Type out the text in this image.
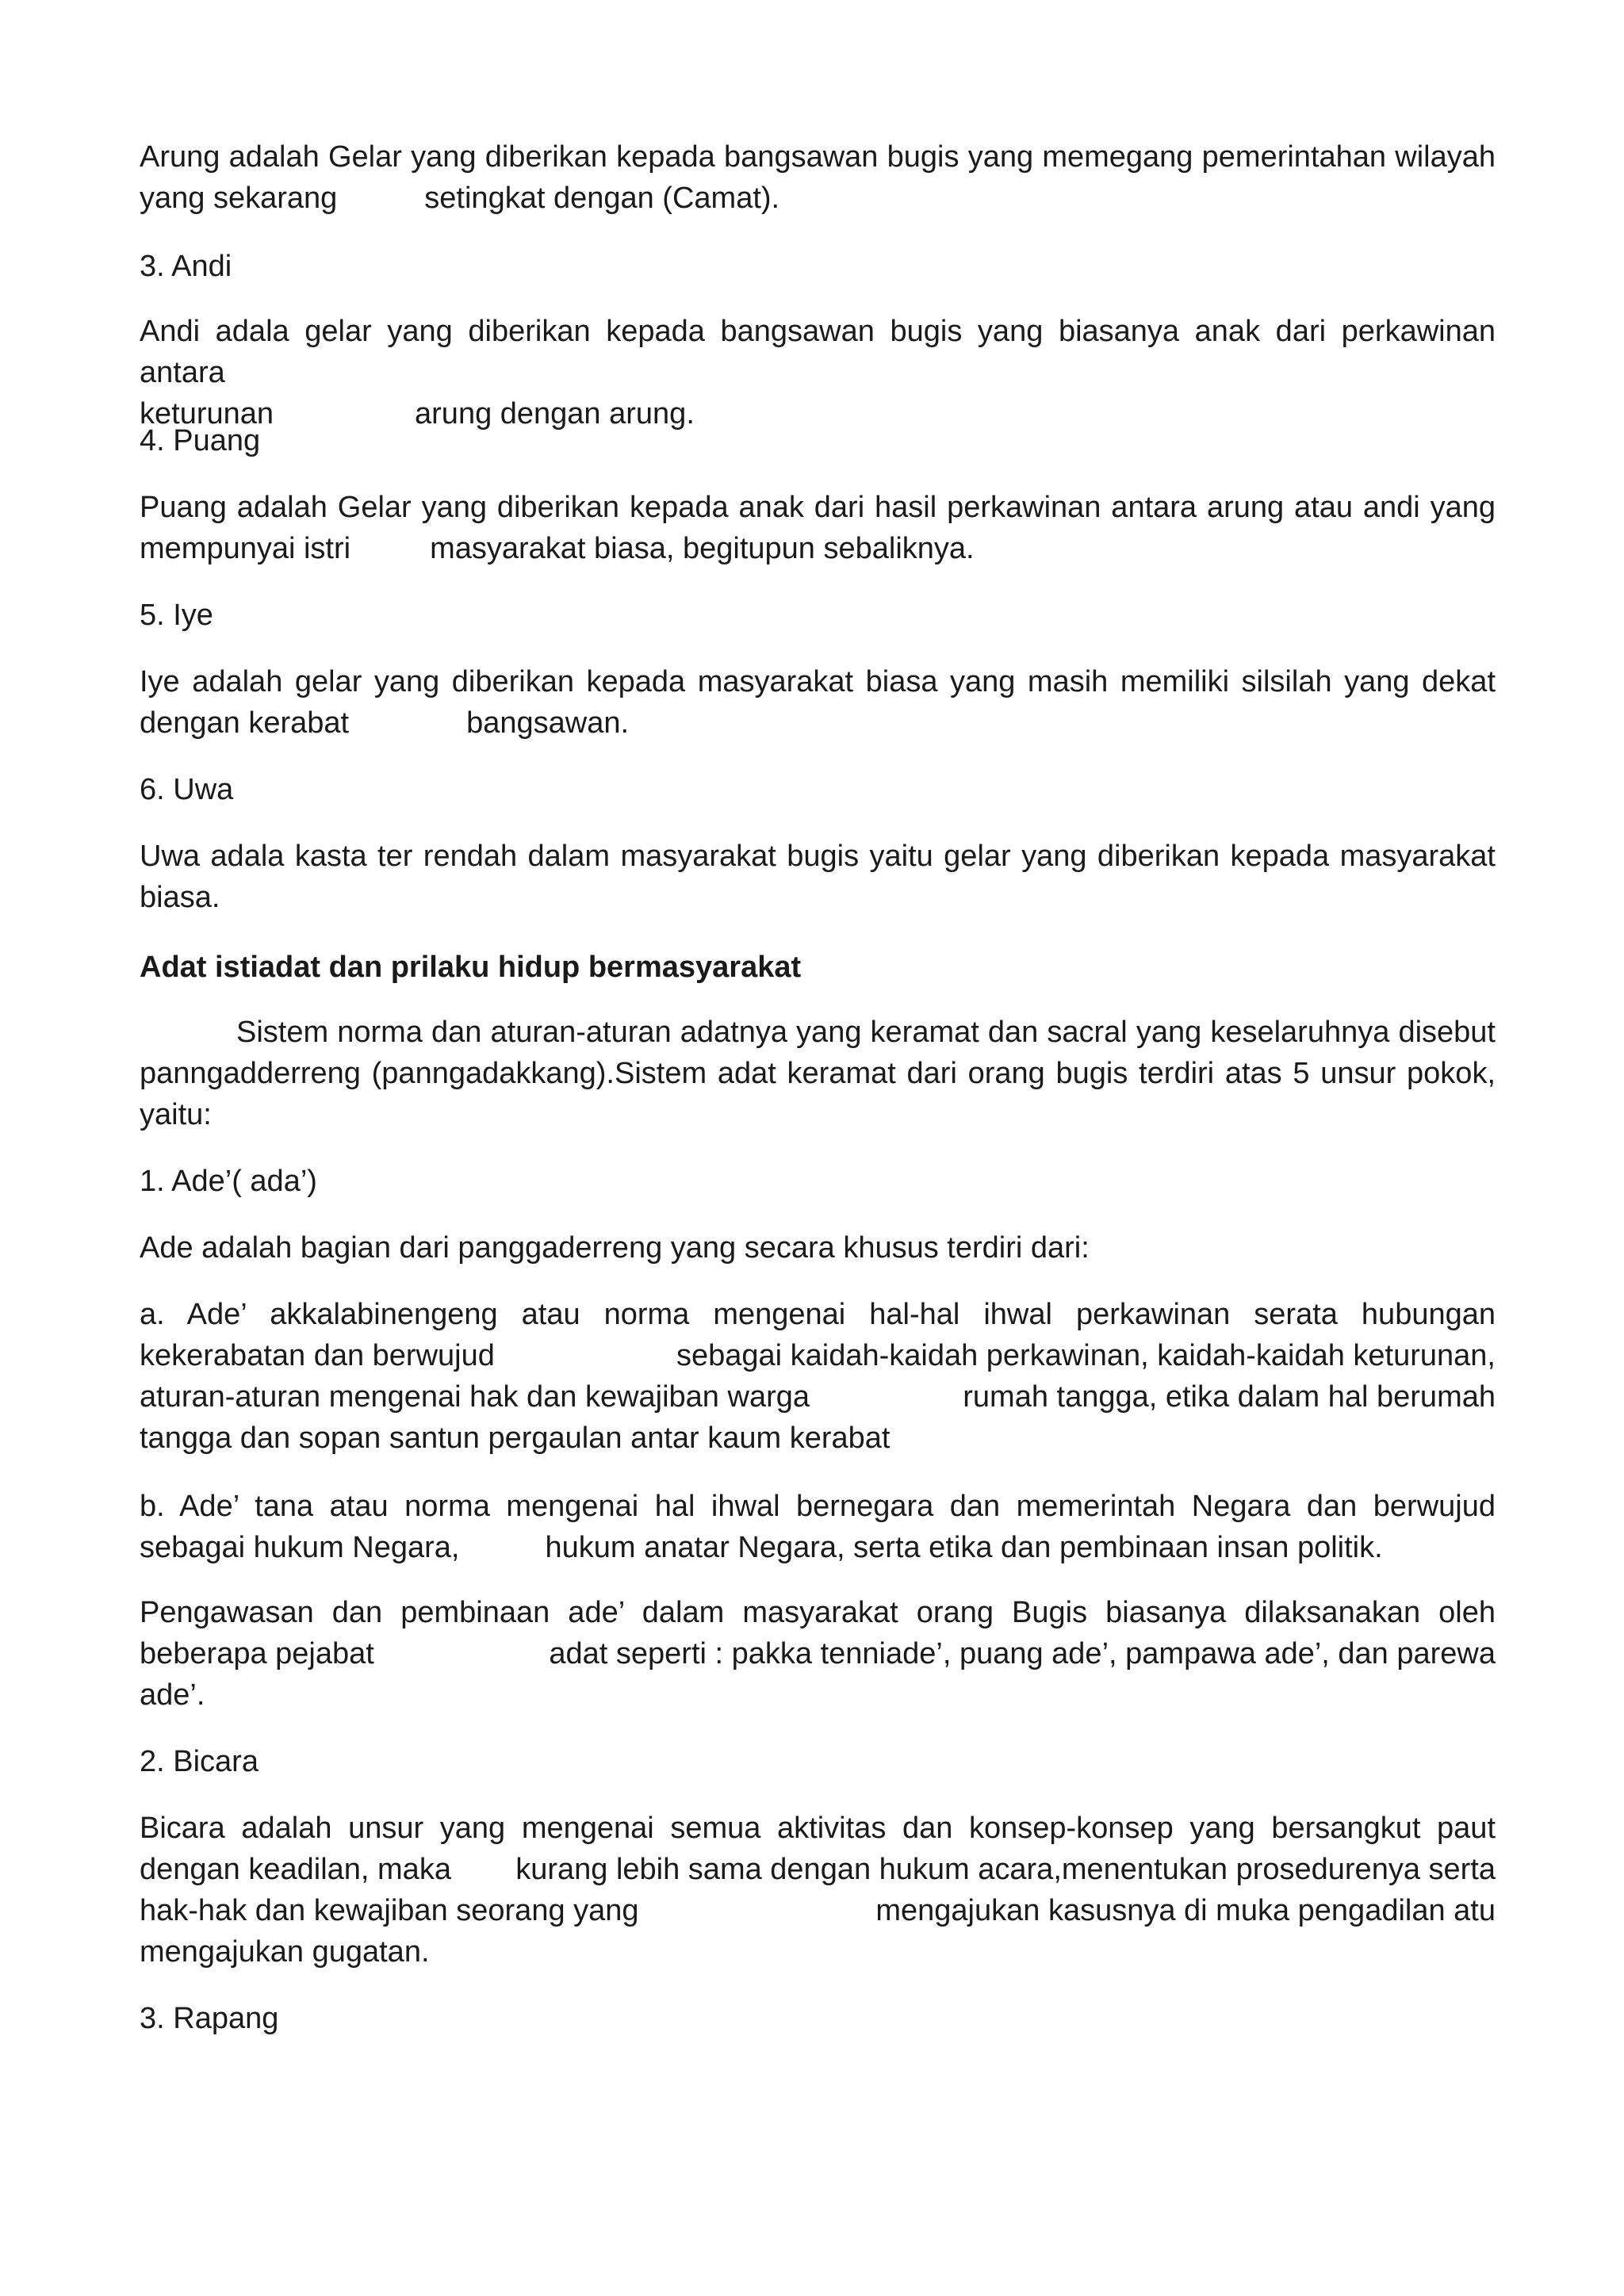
Arung adalah Gelar yang diberikan kepada bangsawan bugis yang memegang pemerintahan wilayah
yang sekarang	setingkat dengan (Camat).
3. Andi
Andi adala gelar yang diberikan kepada bangsawan bugis yang biasanya anak dari perkawinan antara
keturunan	arung dengan arung.
4. Puang
Puang adalah Gelar yang diberikan kepada anak dari hasil perkawinan antara arung atau andi yang
mempunyai istri	masyarakat biasa, begitupun sebaliknya.
5. Iye
Iye adalah gelar yang diberikan kepada masyarakat biasa yang masih memiliki silsilah yang dekat
dengan kerabat	bangsawan.
6. Uwa
Uwa adala kasta ter rendah dalam masyarakat bugis yaitu gelar yang diberikan kepada masyarakat
biasa.
Adat istiadat dan prilaku hidup bermasyarakat
Sistem norma dan aturan-aturan adatnya yang keramat dan sacral yang keselaruhnya disebut
panngadderreng (panngadakkang).Sistem adat keramat dari orang bugis terdiri atas 5 unsur pokok,
yaitu:
1. Ade’( ada’)
Ade adalah bagian dari panggaderreng yang secara khusus terdiri dari:
a. Ade’ akkalabinengeng atau norma mengenai hal-hal ihwal perkawinan serata hubungan
kekerabatan dan berwujud	sebagai kaidah-kaidah perkawinan, kaidah-kaidah keturunan,
aturan-aturan mengenai hak dan kewajiban warga	rumah tangga, etika dalam hal berumah
tangga dan sopan santun pergaulan antar kaum kerabat
b. Ade’ tana atau norma mengenai hal ihwal bernegara dan memerintah Negara dan berwujud
sebagai hukum Negara,	hukum anatar Negara, serta etika dan pembinaan insan politik.
Pengawasan dan pembinaan ade’ dalam masyarakat orang Bugis biasanya dilaksanakan oleh
beberapa pejabat	adat seperti : pakka tenniade’, puang ade’, pampawa ade’, dan parewa
ade’.
2. Bicara
Bicara adalah unsur yang mengenai semua aktivitas dan konsep-konsep yang bersangkut paut
dengan keadilan, maka kurang lebih sama dengan hukum acara,menentukan prosedurenya serta
hak-hak dan kewajiban seorang yang	mengajukan kasusnya di muka pengadilan atu
mengajukan gugatan.
3. Rapang
